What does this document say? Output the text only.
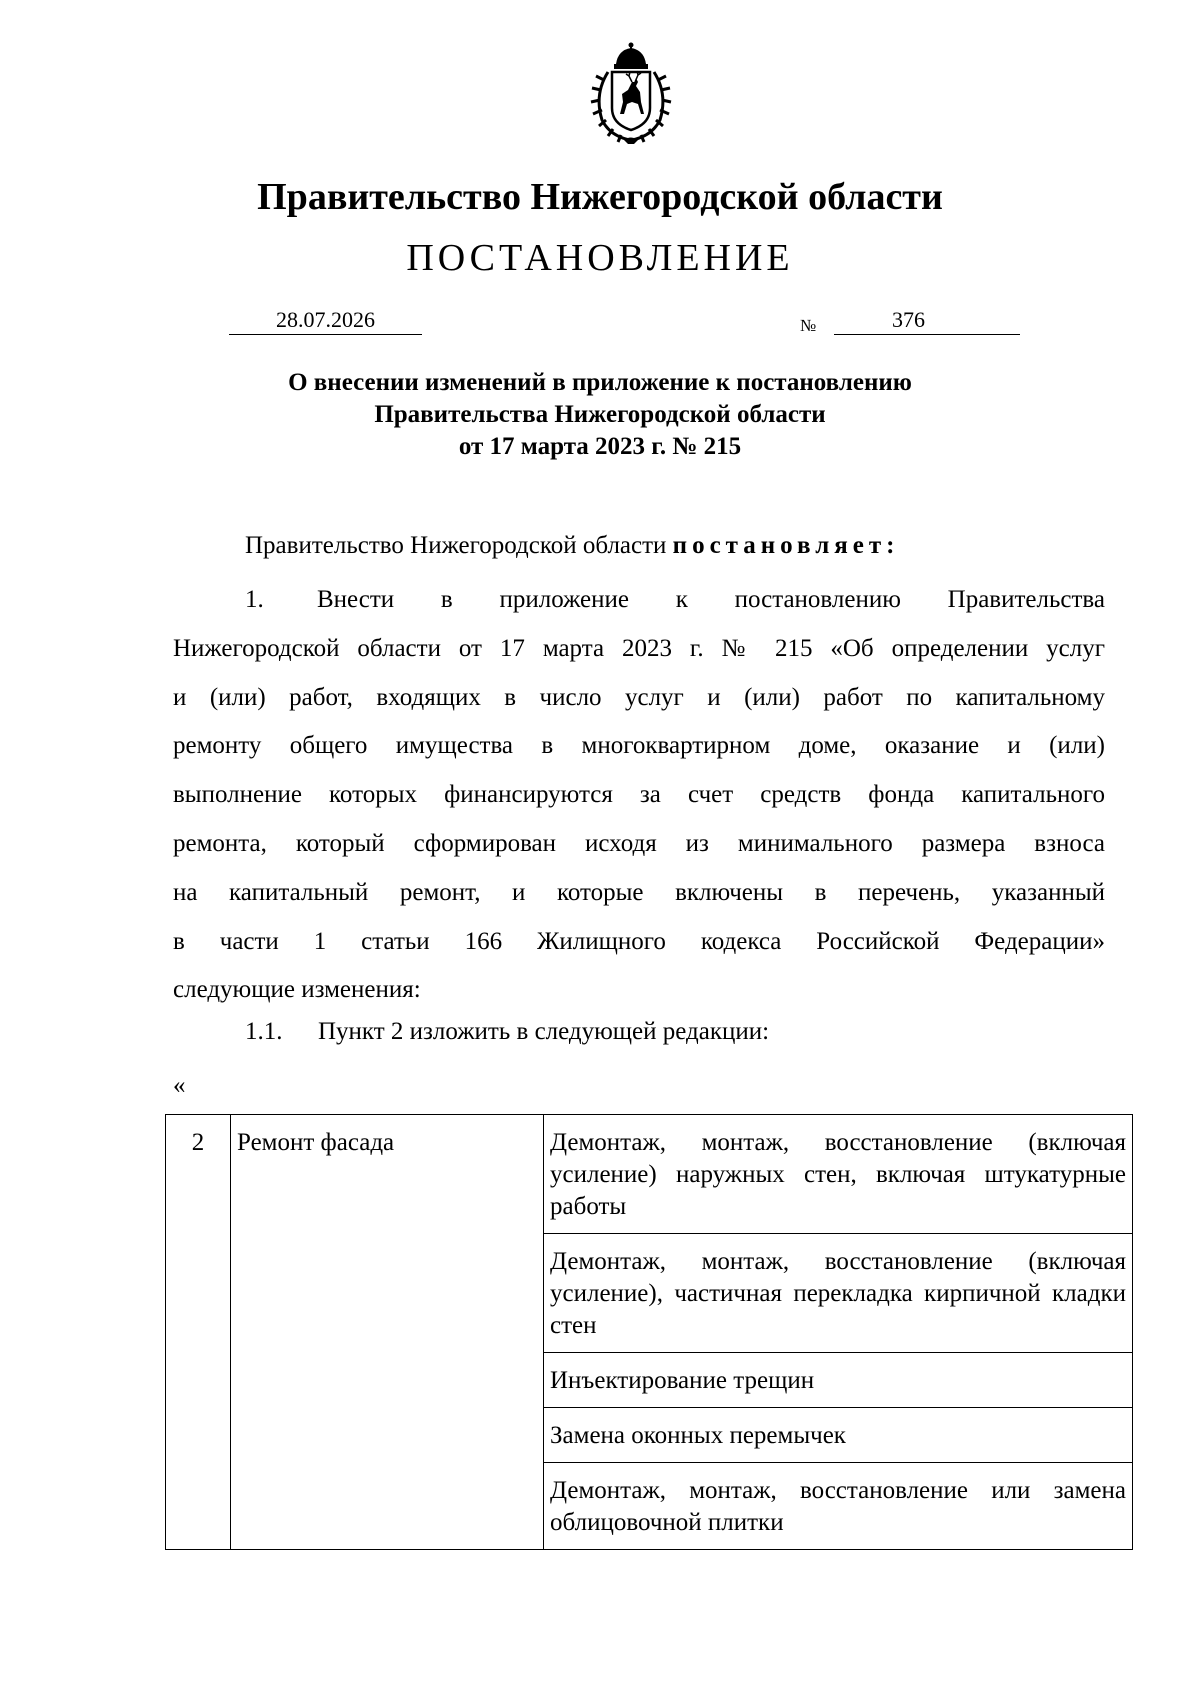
Правительство Нижегородской области
ПОСТАНОВЛЕНИЕ
28.07.2026	№	376
О внесении изменений в приложение к постановлению
Правительства Нижегородской области
от 17 марта 2023 г. № 215
Правительство Нижегородской области постановляет:
1. Внести в приложение к постановлению Правительства
Нижегородской области от 17 марта 2023 г. № 215 «Об определении услуг
и (или) работ, входящих в число услуг и (или) работ по капитальному
ремонту общего имущества в многоквартирном доме, оказание и (или)
выполнение которых финансируются за счет средств фонда капитального
ремонта, который сформирован исходя из минимального размера взноса
на капитальный ремонт, и которые включены в перечень, указанный
в части 1 статьи 166 Жилищного кодекса Российской Федерации»
следующие изменения:
1.1. Пункт 2 изложить в следующей редакции:
«
2	Ремонт фасада	Демонтаж, монтаж, восстановление (включая усиление) наружных стен, включая штукатурные работы
Демонтаж, монтаж, восстановление (включая усиление), частичная перекладка кирпичной кладки стен
Инъектирование трещин
Замена оконных перемычек
Демонтаж, монтаж, восстановление или замена облицовочной плитки
